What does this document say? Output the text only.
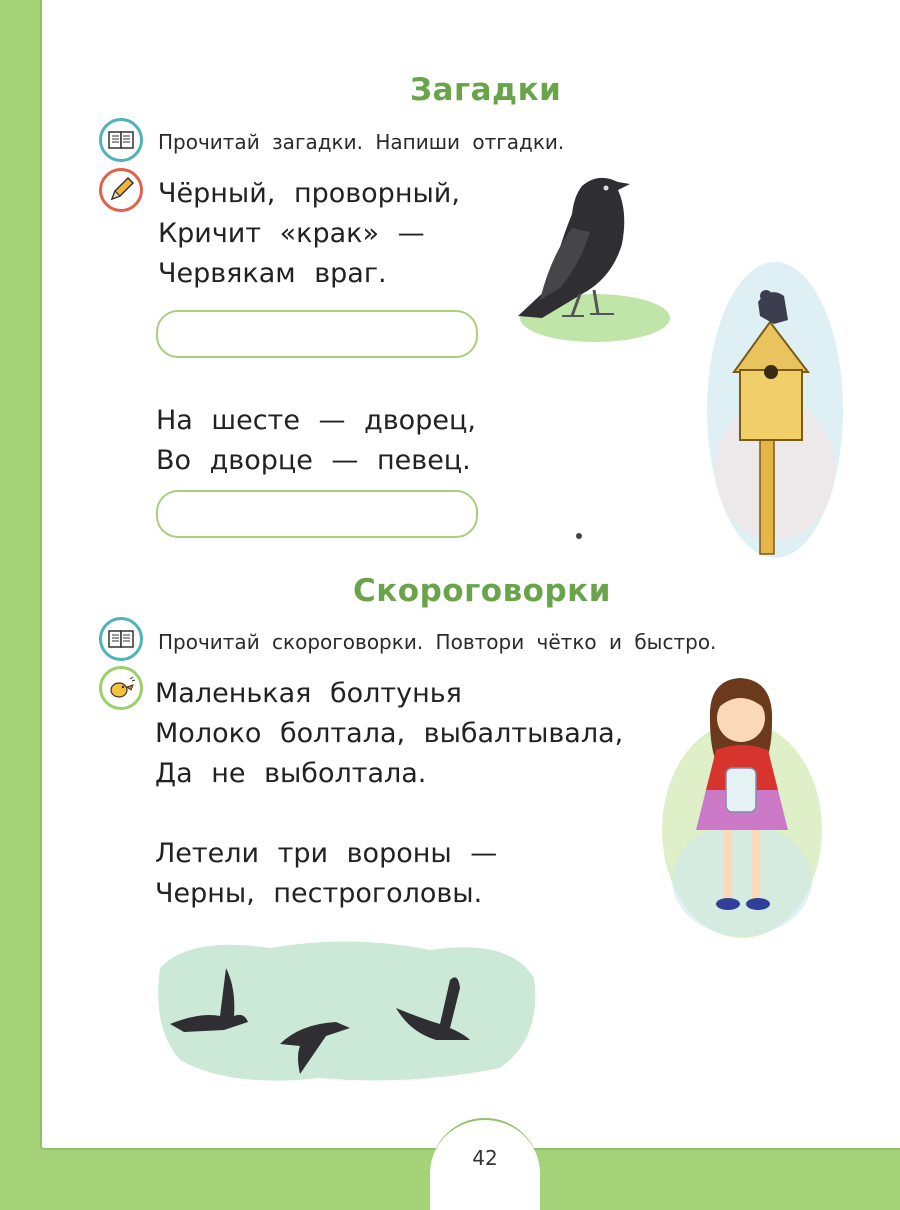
42
Загадки
Прочитай загадки. Напиши отгадки.
Чёрный, проворный,
Кричит «крак» —
Червякам враг.
На шесте — дворец,
Во дворце — певец.
Скороговорки
Прочитай скороговорки. Повтори чётко и быстро.
Маленькая болтунья
Молоко болтала, выбалтывала,
Да не выболтала.
Летели три вороны —
Черны, пестроголовы.
